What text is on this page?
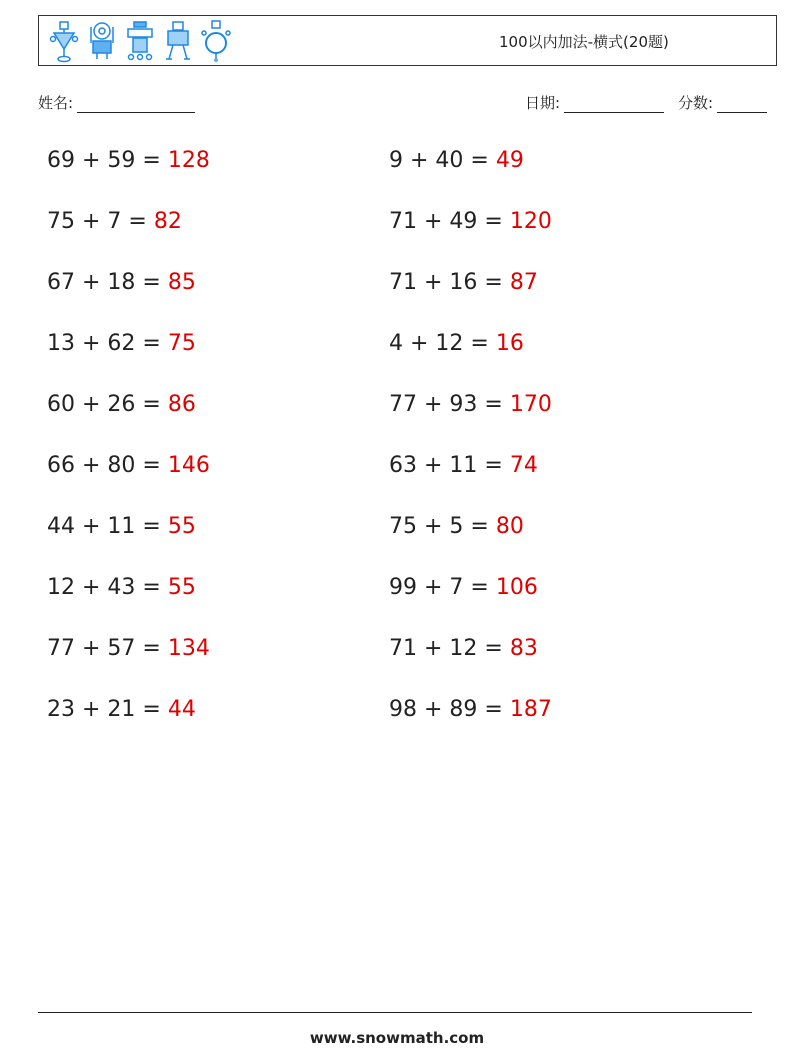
100以内加法-横式(20题)
姓名:	日期:	分数:
69 + 59 = 128
75 + 7 = 82
67 + 18 = 85
13 + 62 = 75
60 + 26 = 86
66 + 80 = 146
44 + 11 = 55
12 + 43 = 55
77 + 57 = 134
23 + 21 = 44
9 + 40 = 49
71 + 49 = 120
71 + 16 = 87
4 + 12 = 16
77 + 93 = 170
63 + 11 = 74
75 + 5 = 80
99 + 7 = 106
71 + 12 = 83
98 + 89 = 187
www.snowmath.com
